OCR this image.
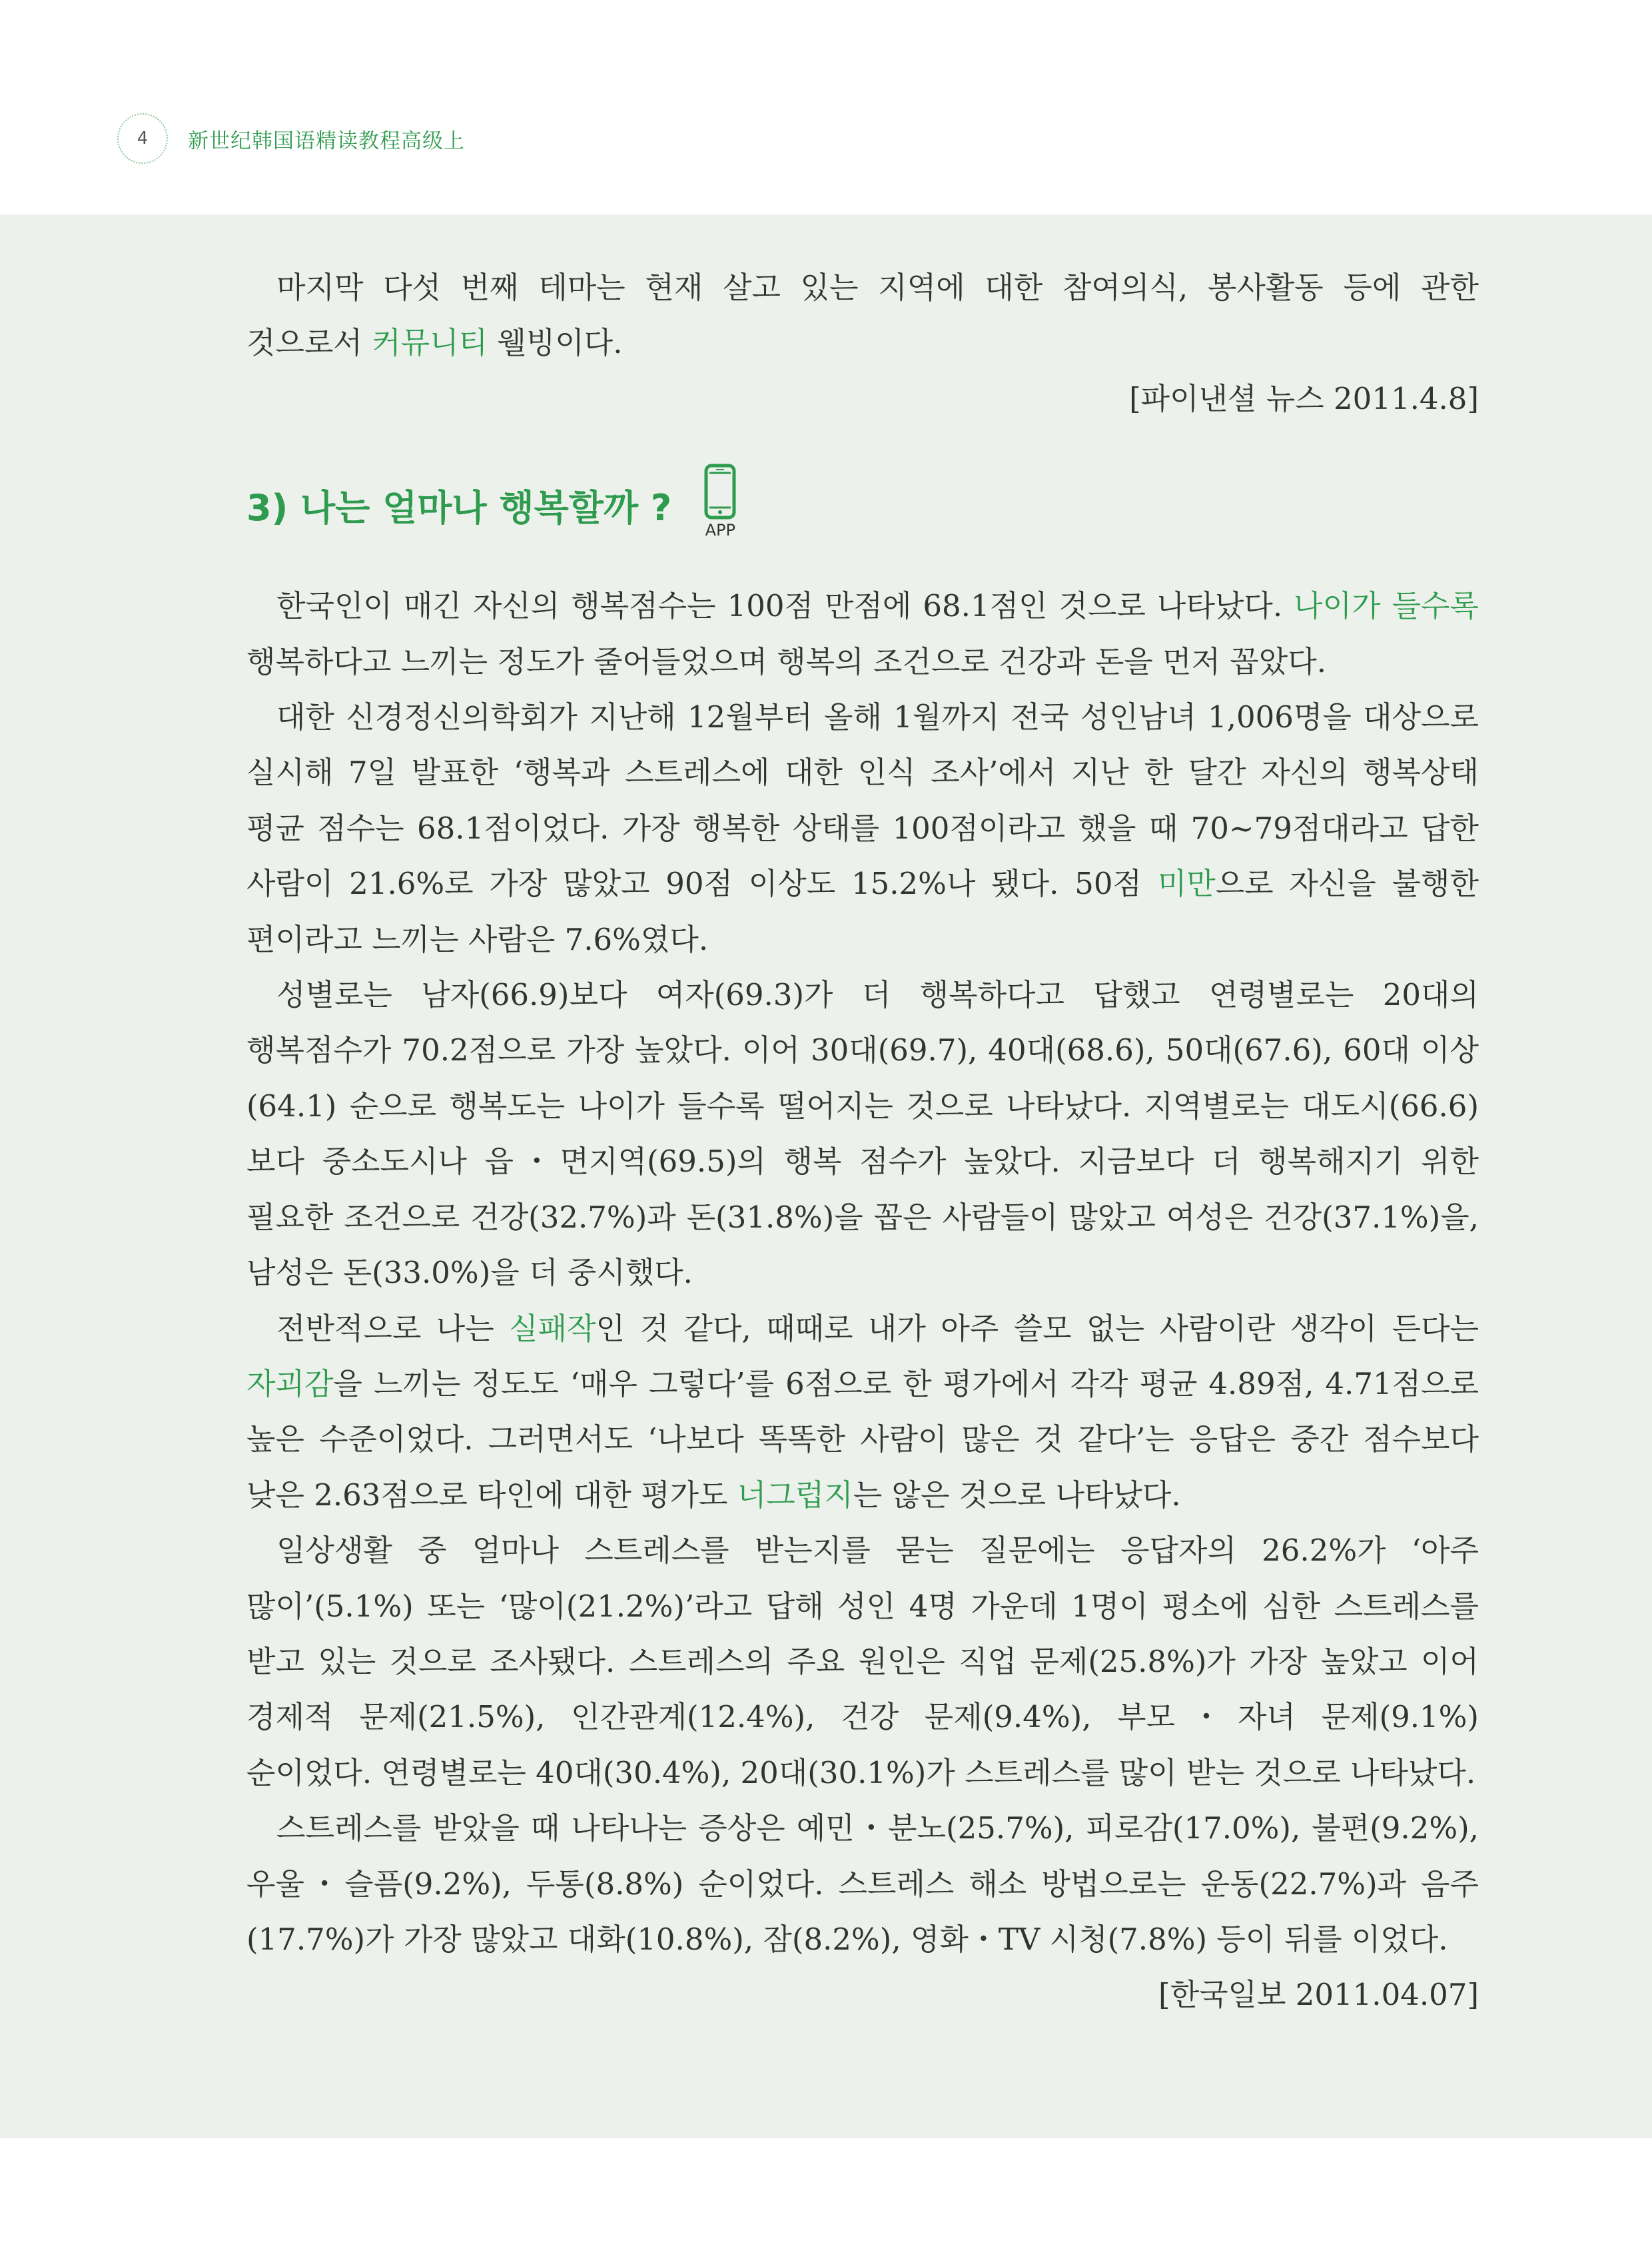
4	新世纪韩国语精读教程高级上

마지막 다섯 번째 테마는 현재 살고 있는 지역에 대한 참여의식, 봉사활동 등에 관한 것으로서 커뮤니티 웰빙이다.

[파이낸셜 뉴스 2011.4.8]

3) 나는 얼마나 행복할까 ?
APP

한국인이 매긴 자신의 행복점수는 100점 만점에 68.1점인 것으로 나타났다. 나이가 들수록 행복하다고 느끼는 정도가 줄어들었으며 행복의 조건으로 건강과 돈을 먼저 꼽았다.

대한 신경정신의학회가 지난해 12월부터 올해 1월까지 전국 성인남녀 1,006명을 대상으로 실시해 7일 발표한 ‘행복과 스트레스에 대한 인식 조사’에서 지난 한 달간 자신의 행복상태 평균 점수는 68.1점이었다. 가장 행복한 상태를 100점이라고 했을 때 70~79점대라고 답한 사람이 21.6%로 가장 많았고 90점 이상도 15.2%나 됐다. 50점 미만으로 자신을 불행한 편이라고 느끼는 사람은 7.6%였다.

성별로는 남자(66.9)보다 여자(69.3)가 더 행복하다고 답했고 연령별로는 20대의 행복점수가 70.2점으로 가장 높았다. 이어 30대(69.7), 40대(68.6), 50대(67.6), 60대 이상(64.1) 순으로 행복도는 나이가 들수록 떨어지는 것으로 나타났다. 지역별로는 대도시(66.6)보다 중소도시나 읍・면지역(69.5)의 행복 점수가 높았다. 지금보다 더 행복해지기 위한 필요한 조건으로 건강(32.7%)과 돈(31.8%)을 꼽은 사람들이 많았고 여성은 건강(37.1%)을, 남성은 돈(33.0%)을 더 중시했다.

전반적으로 나는 실패작인 것 같다, 때때로 내가 아주 쓸모 없는 사람이란 생각이 든다는 자괴감을 느끼는 정도도 ‘매우 그렇다’를 6점으로 한 평가에서 각각 평균 4.89점, 4.71점으로 높은 수준이었다. 그러면서도 ‘나보다 똑똑한 사람이 많은 것 같다’는 응답은 중간 점수보다 낮은 2.63점으로 타인에 대한 평가도 너그럽지는 않은 것으로 나타났다.

일상생활 중 얼마나 스트레스를 받는지를 묻는 질문에는 응답자의 26.2%가 ‘아주 많이’(5.1%) 또는 ‘많이(21.2%)’라고 답해 성인 4명 가운데 1명이 평소에 심한 스트레스를 받고 있는 것으로 조사됐다. 스트레스의 주요 원인은 직업 문제(25.8%)가 가장 높았고 이어 경제적 문제(21.5%), 인간관계(12.4%), 건강 문제(9.4%), 부모・자녀 문제(9.1%) 순이었다. 연령별로는 40대(30.4%), 20대(30.1%)가 스트레스를 많이 받는 것으로 나타났다.

스트레스를 받았을 때 나타나는 증상은 예민・분노(25.7%), 피로감(17.0%), 불편(9.2%), 우울・슬픔(9.2%), 두통(8.8%) 순이었다. 스트레스 해소 방법으로는 운동(22.7%)과 음주(17.7%)가 가장 많았고 대화(10.8%), 잠(8.2%), 영화・TV 시청(7.8%) 등이 뒤를 이었다.

[한국일보 2011.04.07]
